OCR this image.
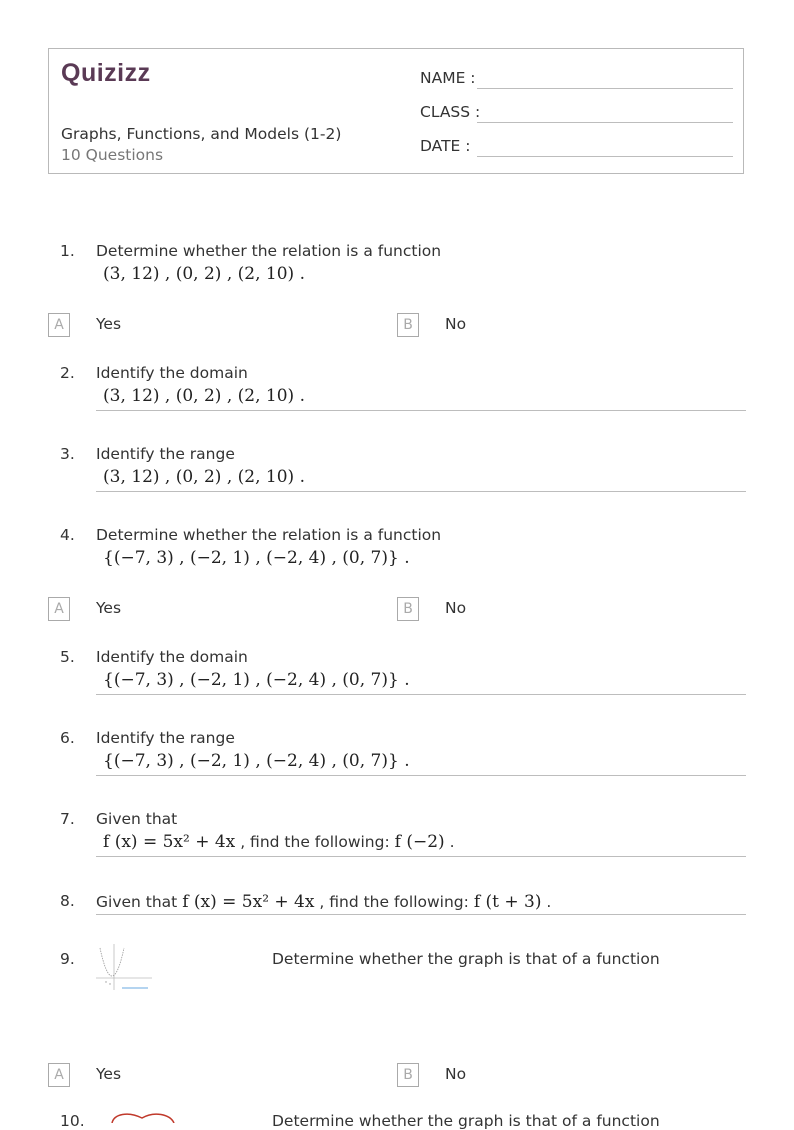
Quizizz
Graphs, Functions, and Models (1-2)
10 Questions
NAME :
CLASS :
DATE :
1. Determine whether the relation is a function
(3, 12) , (0, 2) , (2, 10) .
A	Yes	B	No
2. Identify the domain
(3, 12) , (0, 2) , (2, 10) .
3. Identify the range
(3, 12) , (0, 2) , (2, 10) .
4. Determine whether the relation is a function
{(−7, 3) , (−2, 1) , (−2, 4) , (0, 7)} .
A	Yes	B	No
5. Identify the domain
{(−7, 3) , (−2, 1) , (−2, 4) , (0, 7)} .
6. Identify the range
{(−7, 3) , (−2, 1) , (−2, 4) , (0, 7)} .
7. Given that
f (x) = 5x² + 4x , find the following: f (−2) .
8. Given that f (x) = 5x² + 4x , find the following: f (t + 3) .
9.	Determine whether the graph is that of a function
A	Yes	B	No
10.	Determine whether the graph is that of a function
